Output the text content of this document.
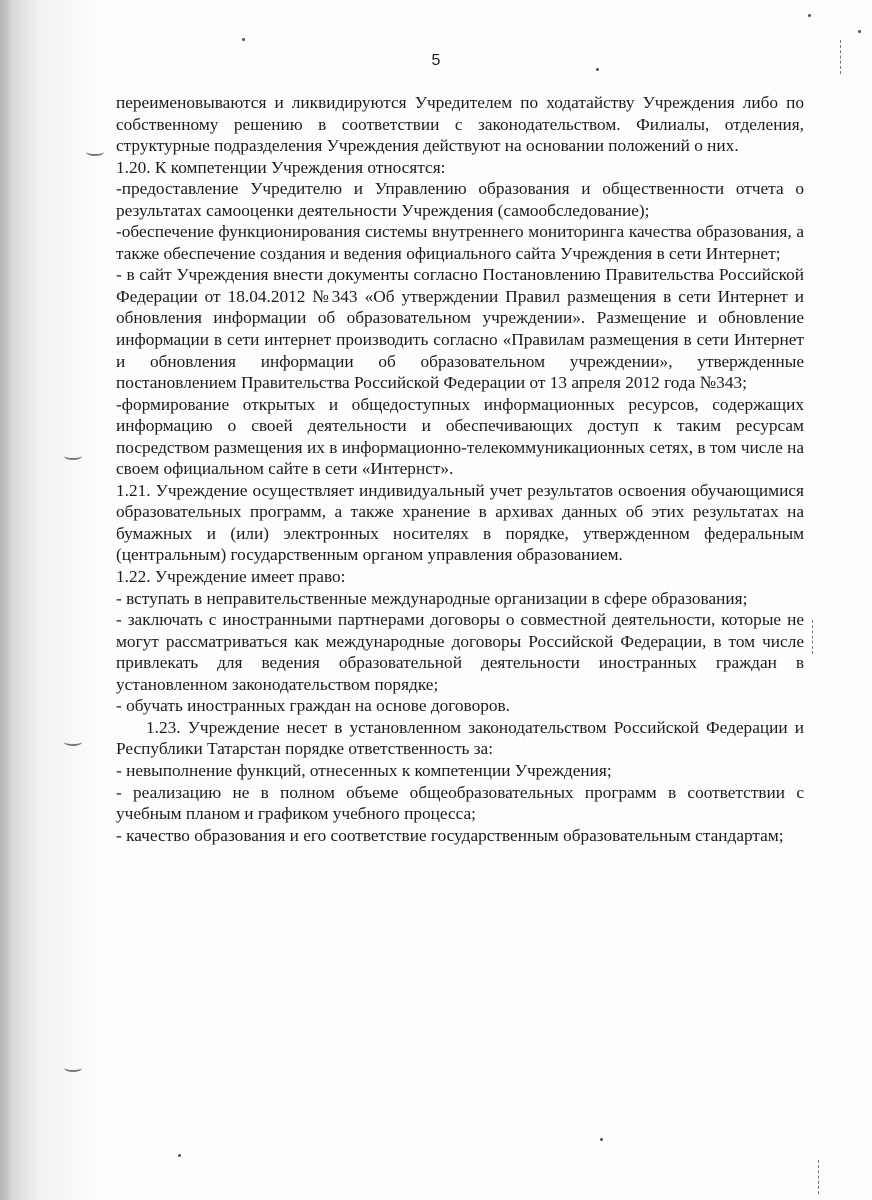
5

переименовываются и ликвидируются Учредителем по ходатайству Учреждения либо по собственному решению в соответствии с законодательством. Филиалы, отделения, структурные подразделения Учреждения действуют на основании положений о них.

1.20. К компетенции Учреждения относятся:

-предоставление Учредителю и Управлению образования и общественности отчета о результатах самооценки деятельности Учреждения (самообследование);

-обеспечение функционирования системы внутреннего мониторинга качества образования, а также обеспечение создания и ведения официального сайта Учреждения в сети Интернет;

- в сайт Учреждения внести документы согласно Постановлению Правительства Российской Федерации от 18.04.2012 №343 «Об утверждении Правил размещения в сети Интернет и обновления информации об образовательном учреждении». Размещение и обновление информации в сети интернет производить согласно «Правилам размещения в сети Интернет и обновления информации об образовательном учреждении», утвержденные постановлением Правительства Российской Федерации от 13 апреля 2012 года №343;

-формирование открытых и общедоступных информационных ресурсов, содержащих информацию о своей деятельности и обеспечивающих доступ к таким ресурсам посредством размещения их в информационно-телекоммуникационных сетях, в том числе на своем официальном сайте в сети «Интернст».

1.21. Учреждение осуществляет индивидуальный учет результатов освоения обучающимися образовательных программ, а также хранение в архивах данных об этих результатах на бумажных и (или) электронных носителях в порядке, утвержденном федеральным (центральным) государственным органом управления образованием.

1.22. Учреждение имеет право:

- вступать в неправительственные международные организации в сфере образования;

- заключать с иностранными партнерами договоры о совместной деятельности, которые не могут рассматриваться как международные договоры Российской Федерации, в том числе привлекать для ведения образовательной деятельности иностранных граждан в установленном законодательством порядке;

- обучать иностранных граждан на основе договоров.

1.23. Учреждение несет в установленном законодательством Российской Федерации и Республики Татарстан порядке ответственность за:

- невыполнение функций, отнесенных к компетенции Учреждения;

- реализацию не в полном объеме общеобразовательных программ в соответствии с учебным планом и графиком учебного процесса;

- качество образования и его соответствие государственным образовательным стандартам;
